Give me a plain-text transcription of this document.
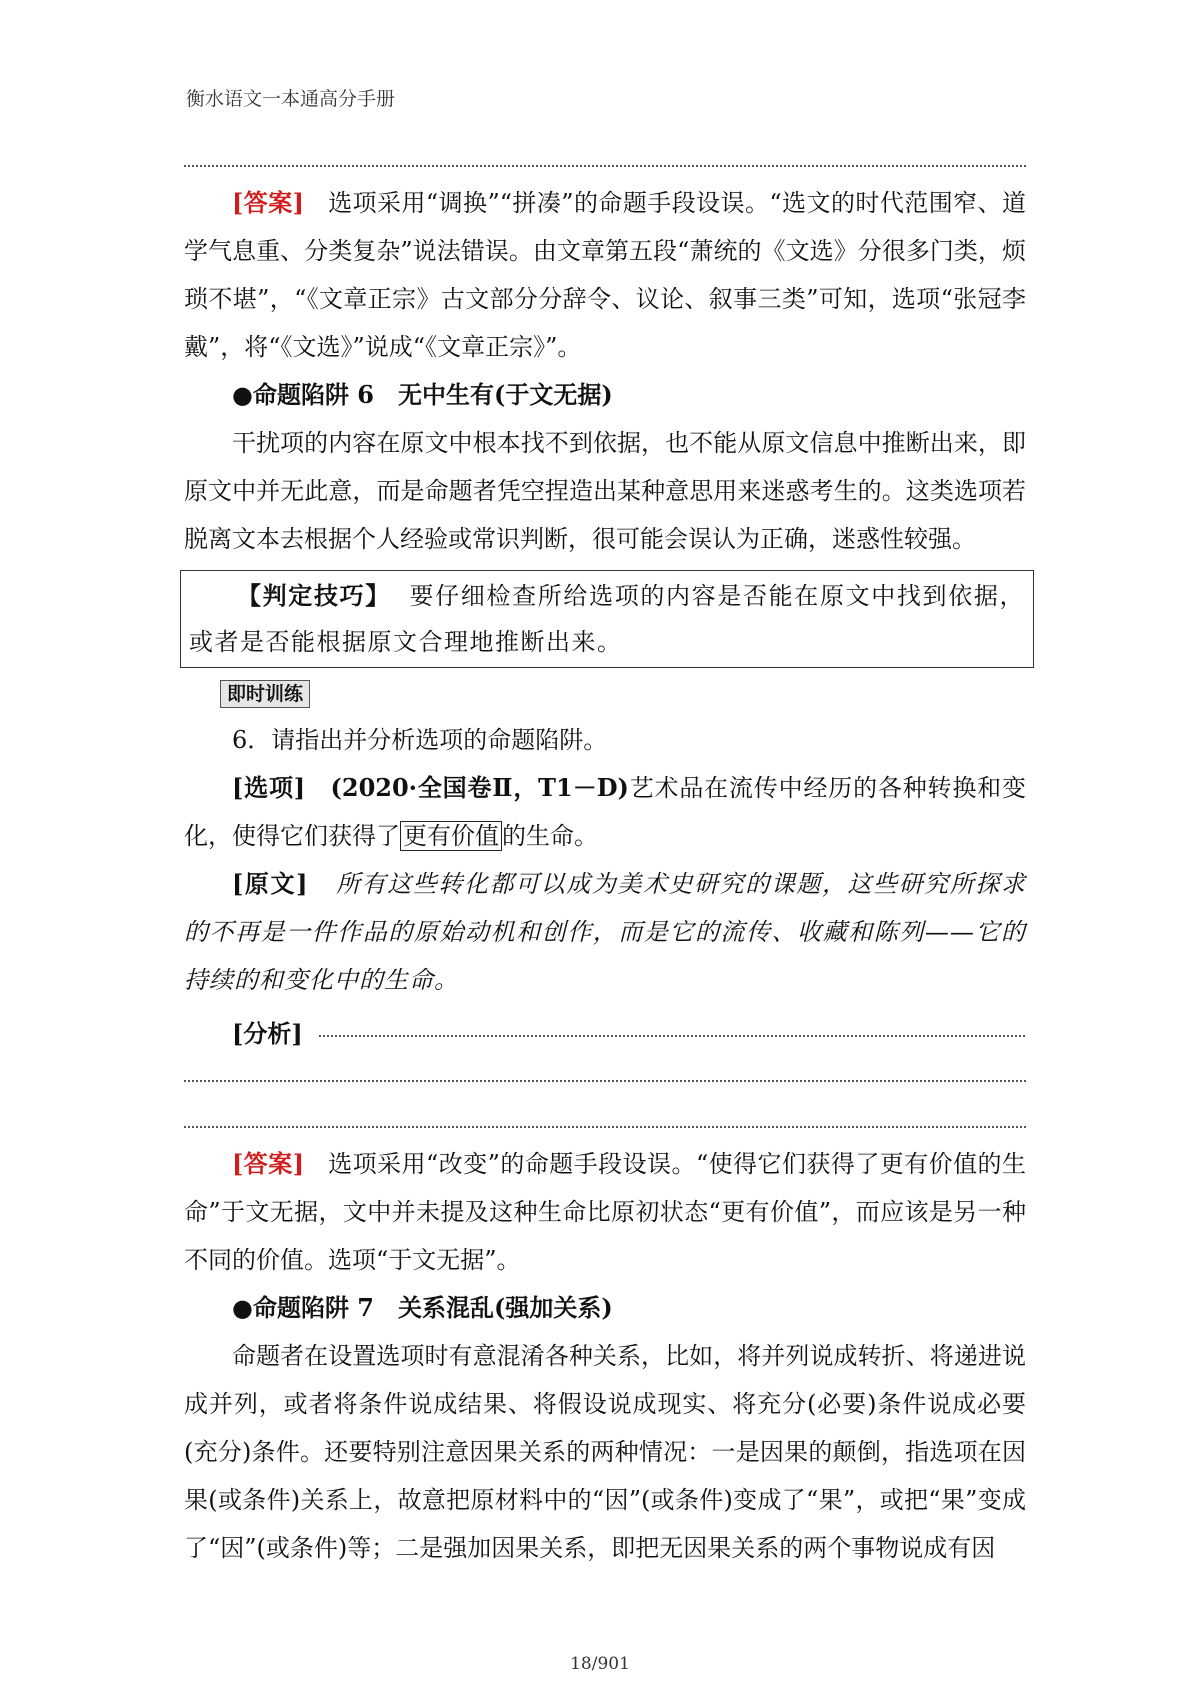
衡水语文一本通高分手册

[答案] 选项采用“调换”“拼凑”的命题手段设误。“选文的时代范围窄、道学气息重、分类复杂”说法错误。由文章第五段“萧统的《文选》分很多门类，烦琐不堪”，“《文章正宗》古文部分分辞令、议论、叙事三类”可知，选项“张冠李戴”，将“《文选》”说成“《文章正宗》”。

●命题陷阱 6　无中生有(于文无据)

干扰项的内容在原文中根本找不到依据，也不能从原文信息中推断出来，即原文中并无此意，而是命题者凭空捏造出某种意思用来迷惑考生的。这类选项若脱离文本去根据个人经验或常识判断，很可能会误认为正确，迷惑性较强。

【判定技巧】 要仔细检查所给选项的内容是否能在原文中找到依据，或者是否能根据原文合理地推断出来。

即时训练

6．请指出并分析选项的命题陷阱。

[选项] (2020·全国卷Ⅱ，T1－D)艺术品在流传中经历的各种转换和变化，使得它们获得了 更有价值 的生命。

[原文] 所有这些转化都可以成为美术史研究的课题，这些研究所探求的不再是一件作品的原始动机和创作，而是它的流传、收藏和陈列——它的持续的和变化中的生命。

[分析]

[答案] 选项采用“改变”的命题手段设误。“使得它们获得了更有价值的生命”于文无据，文中并未提及这种生命比原初状态“更有价值”，而应该是另一种不同的价值。选项“于文无据”。

●命题陷阱 7　关系混乱(强加关系)

命题者在设置选项时有意混淆各种关系，比如，将并列说成转折、将递进说成并列，或者将条件说成结果、将假设说成现实、将充分(必要)条件说成必要(充分)条件。还要特别注意因果关系的两种情况：一是因果的颠倒，指选项在因果(或条件)关系上，故意把原材料中的“因”(或条件)变成了“果”，或把“果”变成了“因”(或条件)等；二是强加因果关系，即把无因果关系的两个事物说成有因

18/901
